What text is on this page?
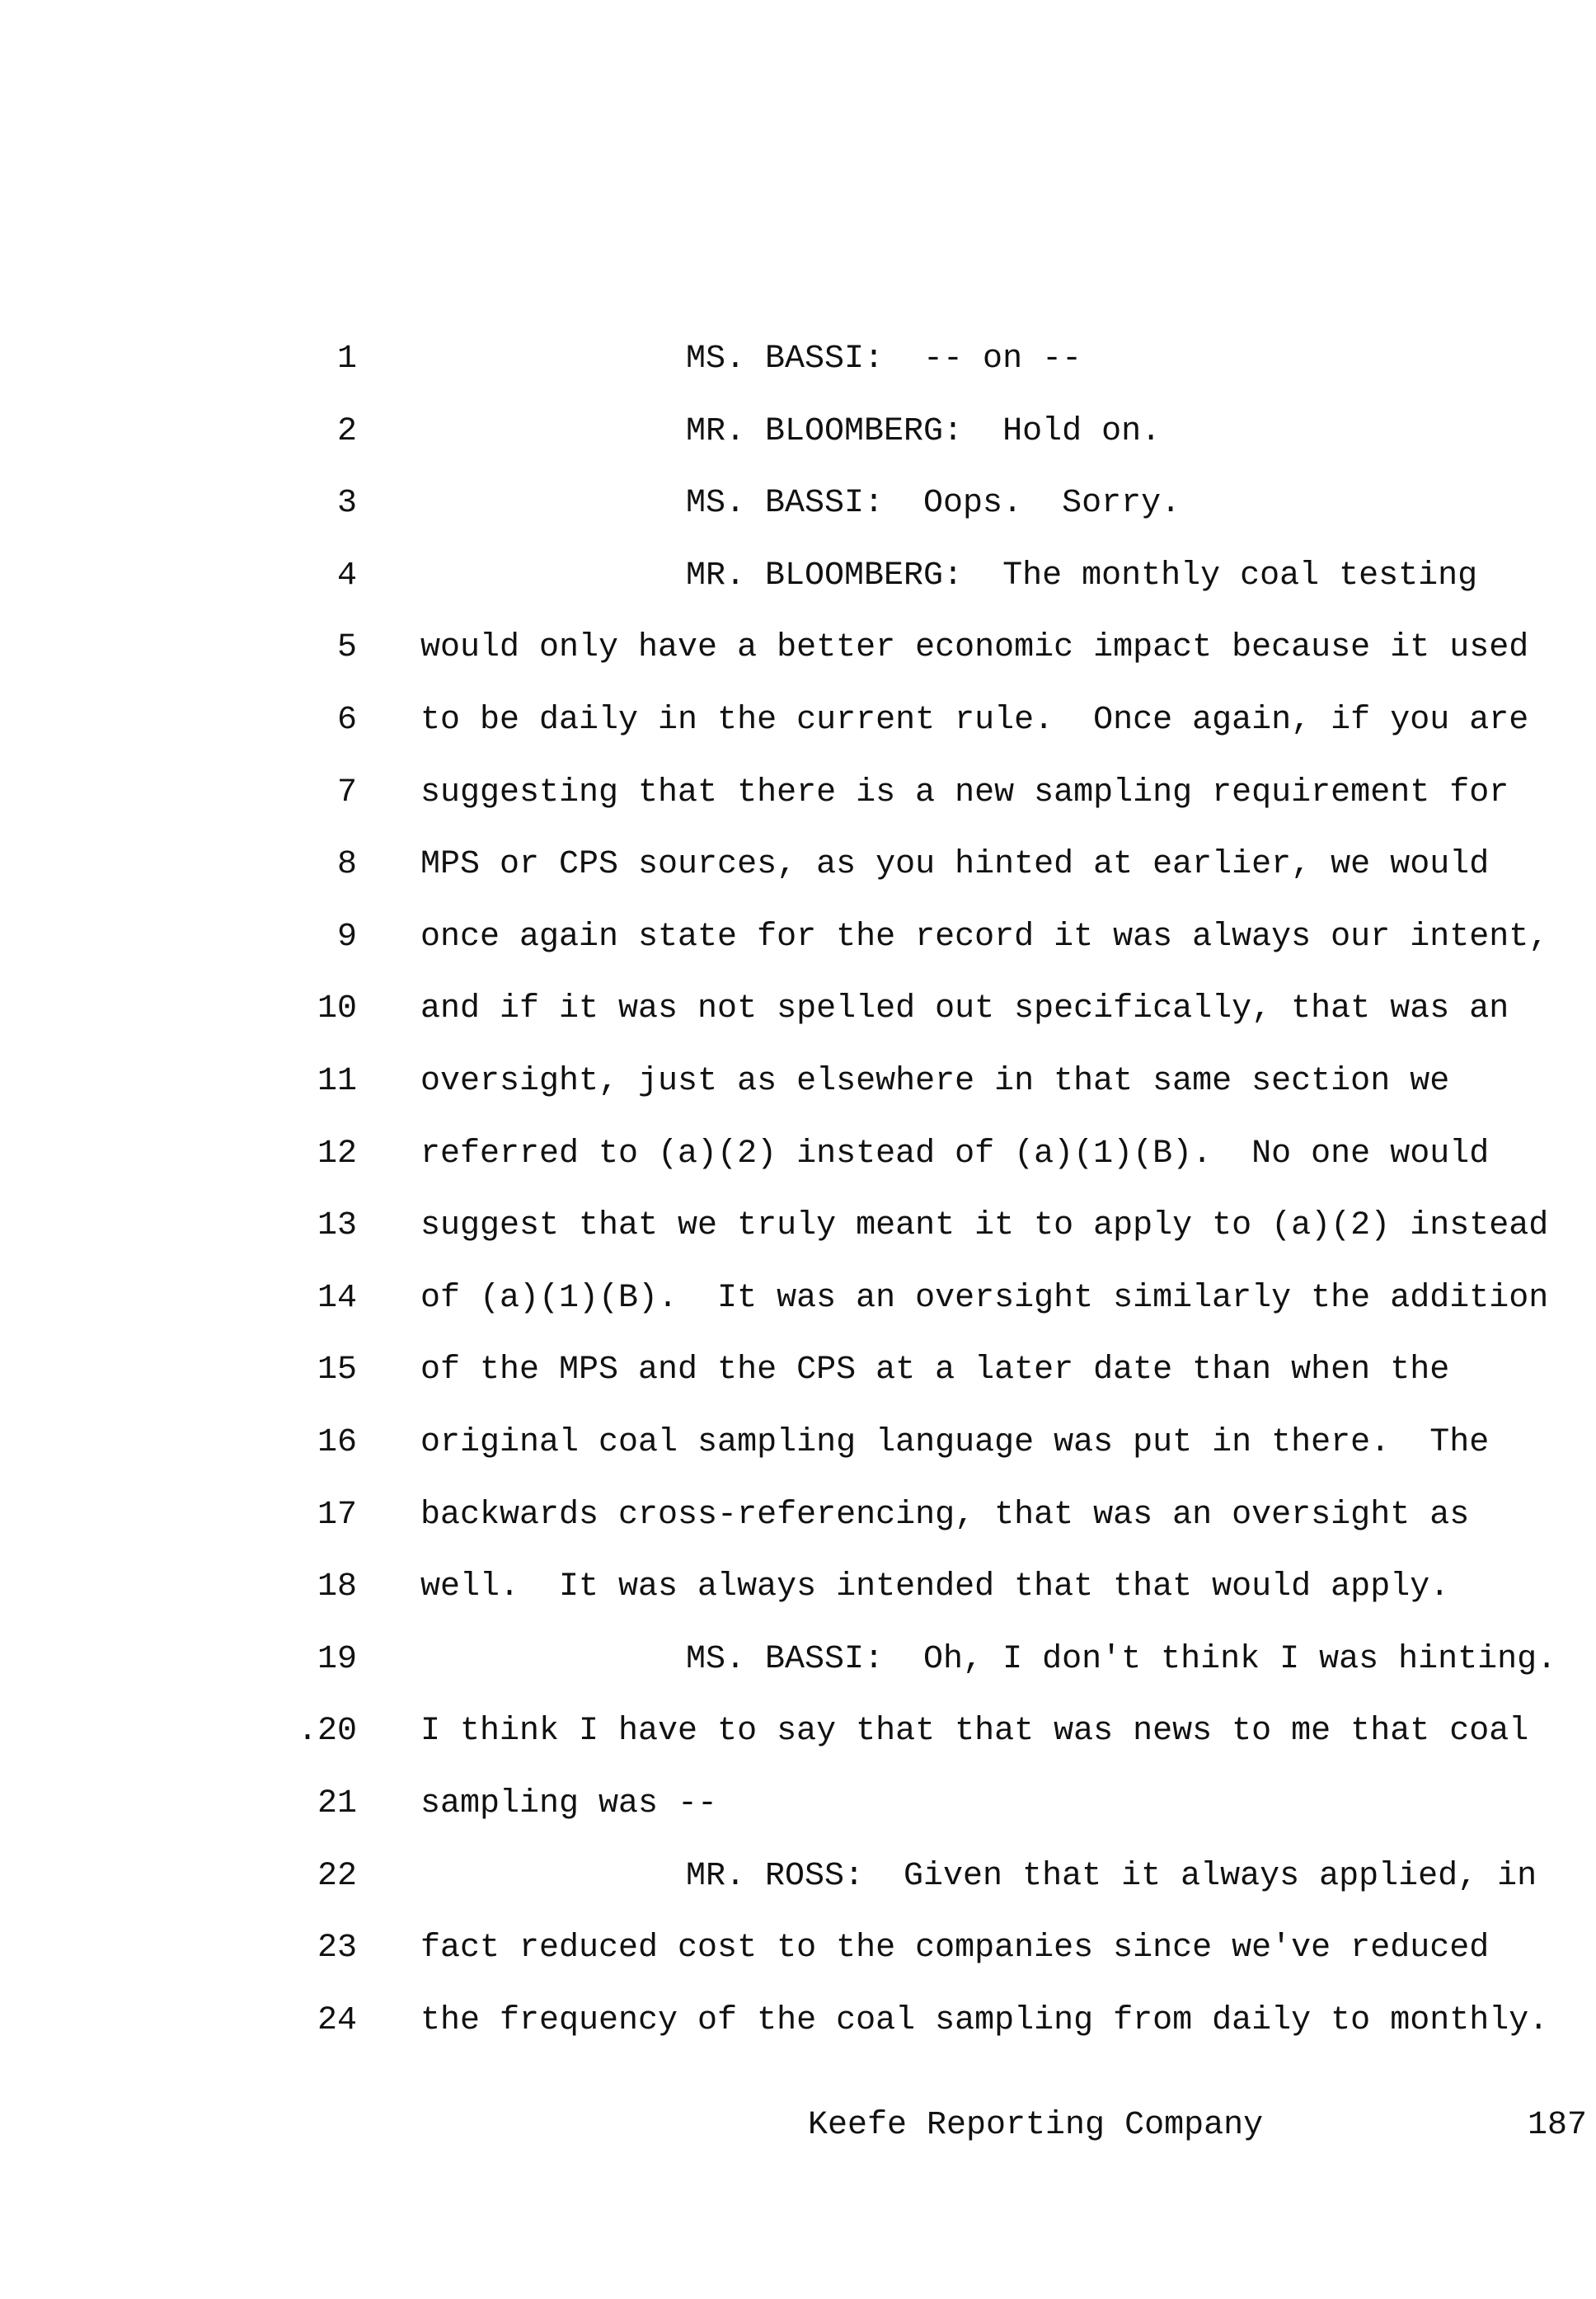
1	MS. BASSI:  -- on --
2	MR. BLOOMBERG:  Hold on.
3	MS. BASSI:  Oops.  Sorry.
4	MR. BLOOMBERG:  The monthly coal testing
5 would only have a better economic impact because it used
6 to be daily in the current rule.  Once again, if you are
7 suggesting that there is a new sampling requirement for
8 MPS or CPS sources, as you hinted at earlier, we would
9 once again state for the record it was always our intent,
10 and if it was not spelled out specifically, that was an
11 oversight, just as elsewhere in that same section we
12 referred to (a)(2) instead of (a)(1)(B).  No one would
13 suggest that we truly meant it to apply to (a)(2) instead
14 of (a)(1)(B).  It was an oversight similarly the addition
15 of the MPS and the CPS at a later date than when the
16 original coal sampling language was put in there.  The
17 backwards cross-referencing, that was an oversight as
18 well.  It was always intended that that would apply.
19	MS. BASSI:  Oh, I don't think I was hinting.
.20 I think I have to say that that was news to me that coal
21 sampling was --
22	MR. ROSS:  Given that it always applied, in
23 fact reduced cost to the companies since we've reduced
24 the frequency of the coal sampling from daily to monthly.

Keefe Reporting Company

	187
